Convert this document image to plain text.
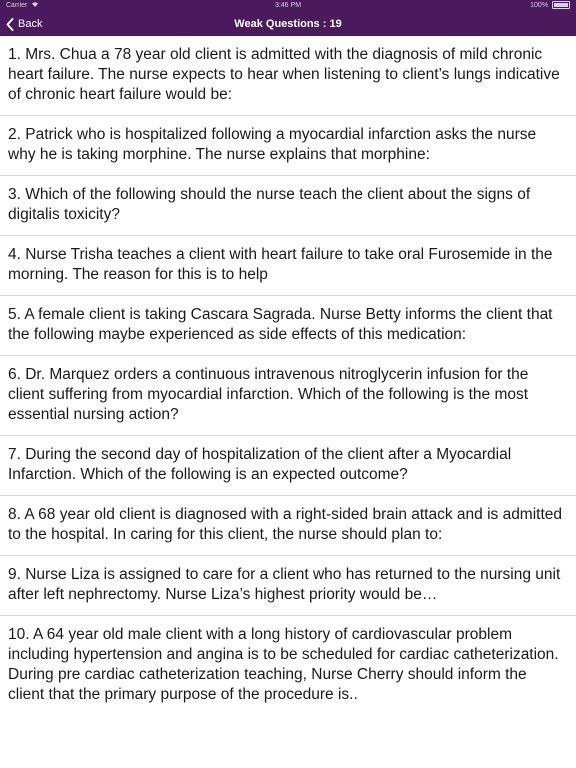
Carrier	3:46 PM	100%
Back	Weak Questions : 19
1. Mrs. Chua a 78 year old client is admitted with the diagnosis of mild chronic heart failure. The nurse expects to hear when listening to client’s lungs indicative of chronic heart failure would be:
2. Patrick who is hospitalized following a myocardial infarction asks the nurse why he is taking morphine. The nurse explains that morphine:
3. Which of the following should the nurse teach the client about the signs of digitalis toxicity?
4. Nurse Trisha teaches a client with heart failure to take oral Furosemide in the morning. The reason for this is to help
5. A female client is taking Cascara Sagrada. Nurse Betty informs the client that the following maybe experienced as side effects of this medication:
6. Dr. Marquez orders a continuous intravenous nitroglycerin infusion for the client suffering from myocardial infarction. Which of the following is the most essential nursing action?
7. During the second day of hospitalization of the client after a Myocardial Infarction. Which of the following is an expected outcome?
8. A 68 year old client is diagnosed with a right-sided brain attack and is admitted to the hospital. In caring for this client, the nurse should plan to:
9. Nurse Liza is assigned to care for a client who has returned to the nursing unit after left nephrectomy. Nurse Liza’s highest priority would be…
10. A 64 year old male client with a long history of cardiovascular problem including hypertension and angina is to be scheduled for cardiac catheterization. During pre cardiac catheterization teaching, Nurse Cherry should inform the client that the primary purpose of the procedure is..
